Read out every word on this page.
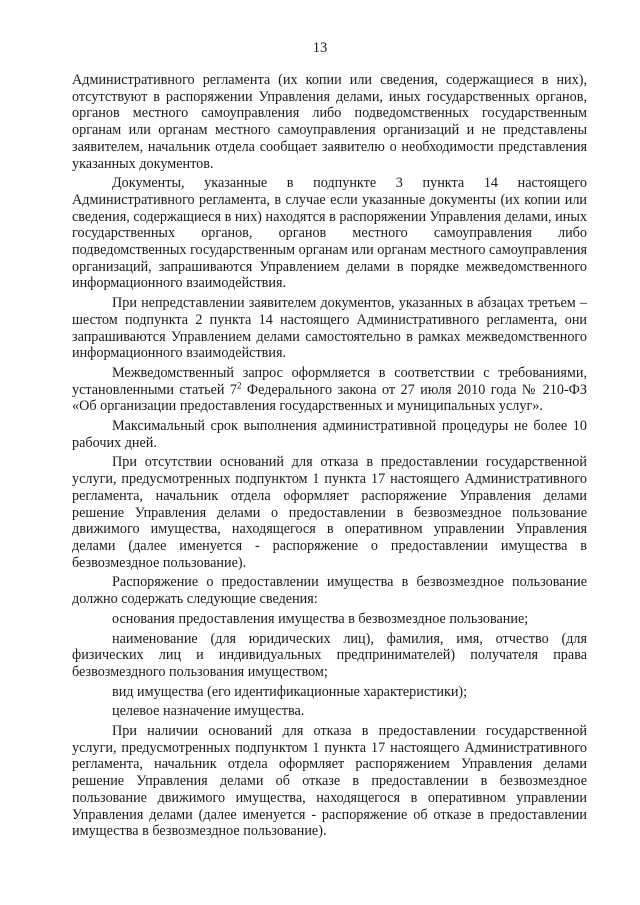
13

Административного регламента (их копии или сведения, содержащиеся в них), отсутствуют в распоряжении Управления делами, иных государственных органов, органов местного самоуправления либо подведомственных государственным органам или органам местного самоуправления организаций и не представлены заявителем, начальник отдела сообщает заявителю о необходимости представления указанных документов.

Документы, указанные в подпункте 3 пункта 14 настоящего Административного регламента, в случае если указанные документы (их копии или сведения, содержащиеся в них) находятся в распоряжении Управления делами, иных государственных органов, органов местного самоуправления либо подведомственных государственным органам или органам местного самоуправления организаций, запрашиваются Управлением делами в порядке межведомственного информационного взаимодействия.

При непредставлении заявителем документов, указанных в абзацах третьем – шестом подпункта 2 пункта 14 настоящего Административного регламента, они запрашиваются Управлением делами самостоятельно в рамках межведомственного информационного взаимодействия.

Межведомственный запрос оформляется в соответствии с требованиями, установленными статьей $7^2$ Федерального закона от 27 июля 2010 года № 210-ФЗ «Об организации предоставления государственных и муниципальных услуг».

Максимальный срок выполнения административной процедуры не более 10 рабочих дней.

При отсутствии оснований для отказа в предоставлении государственной услуги, предусмотренных подпунктом 1 пункта 17 настоящего Административного регламента, начальник отдела оформляет распоряжение Управления делами решение Управления делами о предоставлении в безвозмездное пользование движимого имущества, находящегося в оперативном управлении Управления делами (далее именуется - распоряжение о предоставлении имущества в безвозмездное пользование).

Распоряжение о предоставлении имущества в безвозмездное пользование должно содержать следующие сведения:

основания предоставления имущества в безвозмездное пользование;

наименование (для юридических лиц), фамилия, имя, отчество (для физических лиц и индивидуальных предпринимателей) получателя права безвозмездного пользования имуществом;

вид имущества (его идентификационные характеристики);

целевое назначение имущества.

При наличии оснований для отказа в предоставлении государственной услуги, предусмотренных подпунктом 1 пункта 17 настоящего Административного регламента, начальник отдела оформляет распоряжением Управления делами решение Управления делами об отказе в предоставлении в безвозмездное пользование движимого имущества, находящегося в оперативном управлении Управления делами (далее именуется - распоряжение об отказе в предоставлении имущества в безвозмездное пользование).
